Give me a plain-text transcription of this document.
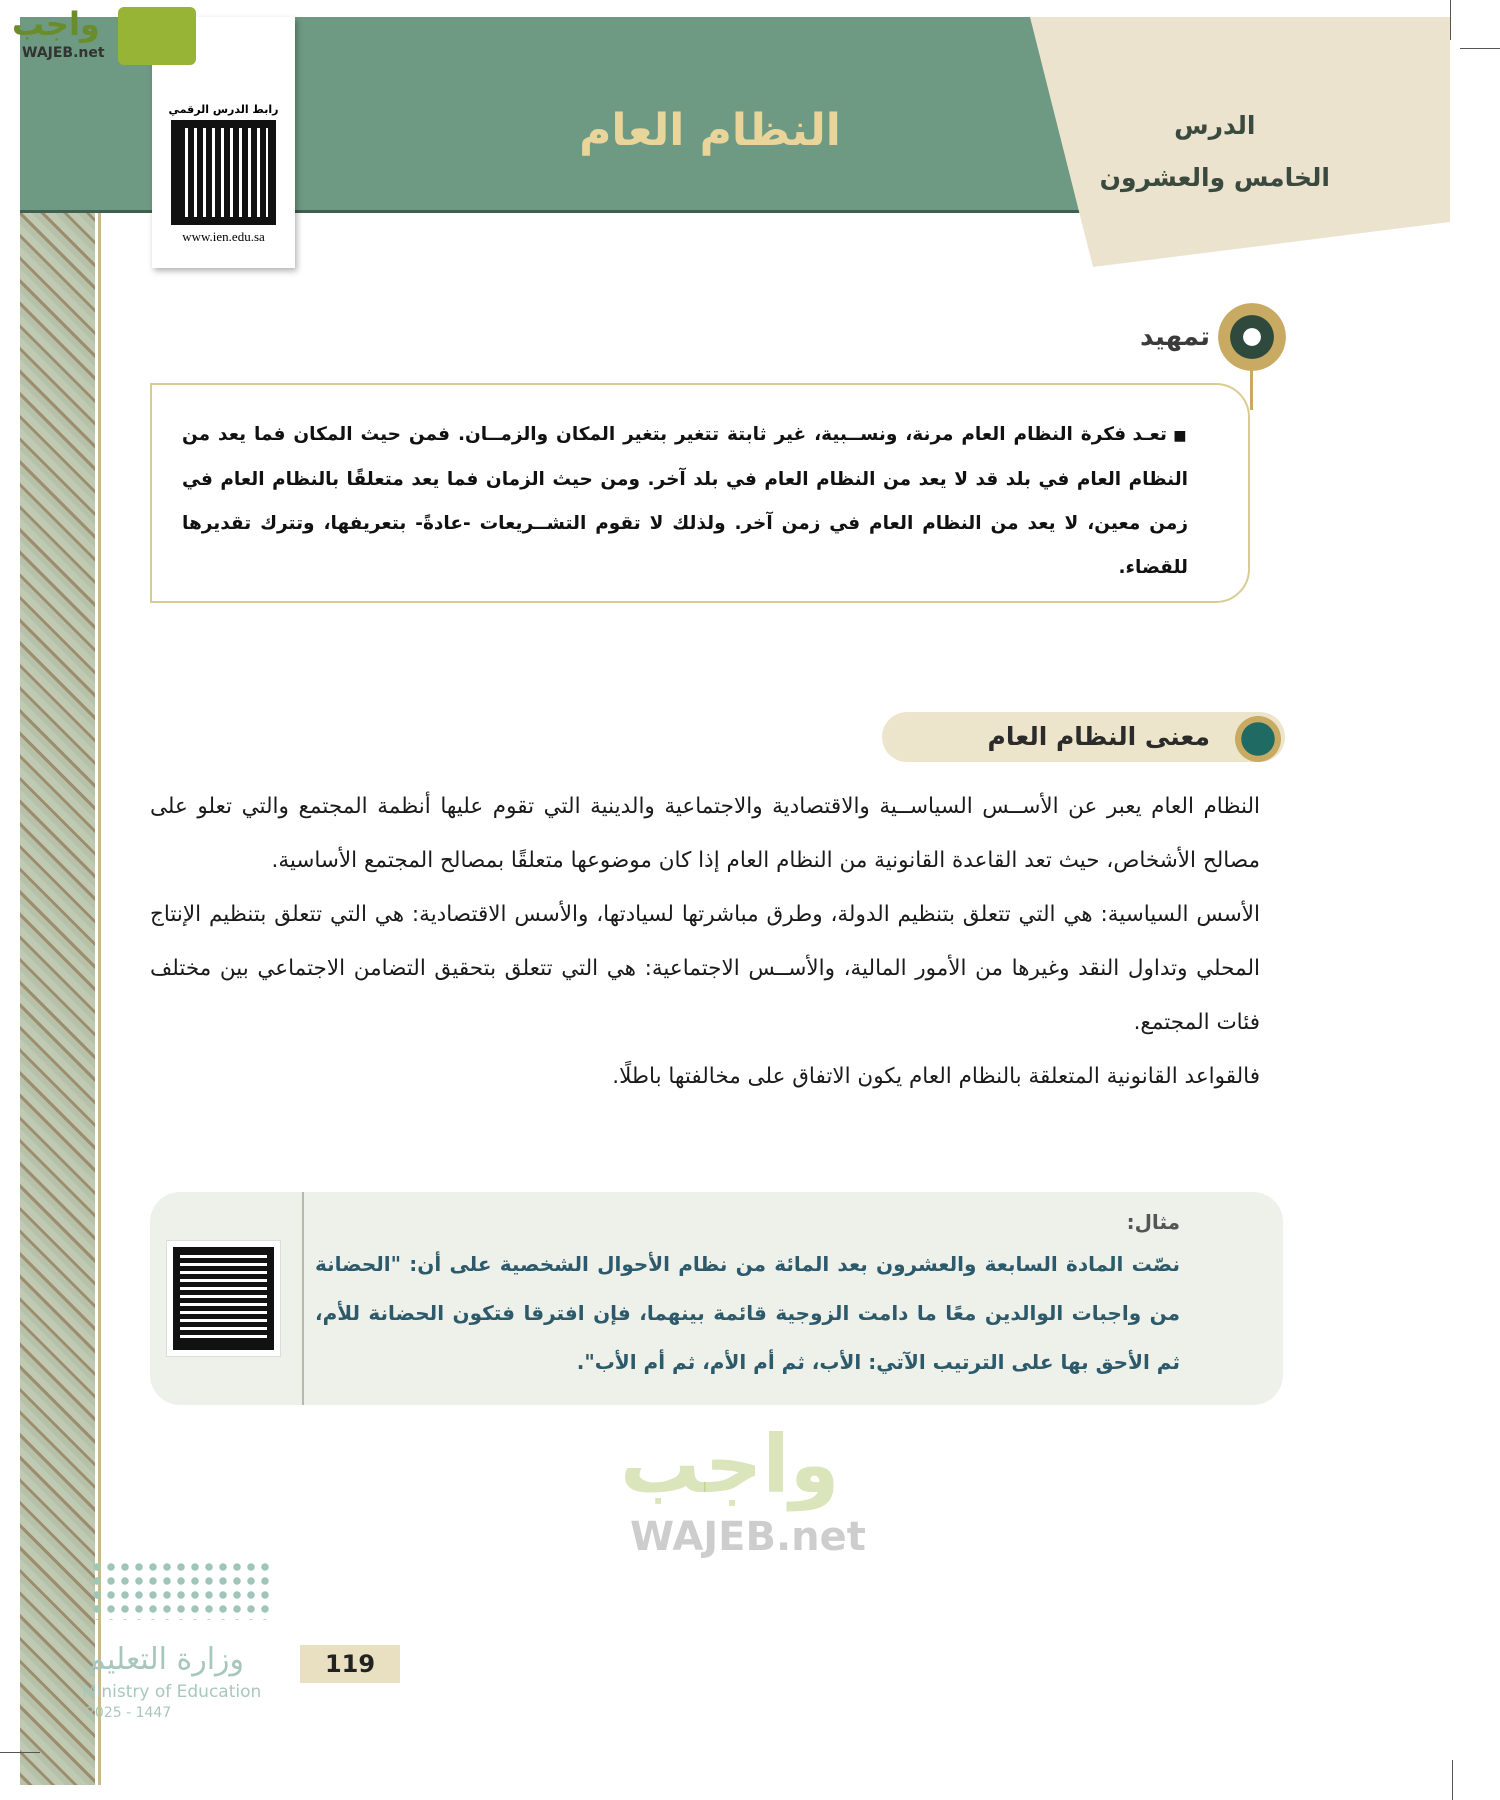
النظام العام	الدرس
الخامس والعشرون
رابط الدرس الرقمي
www.ien.edu.sa
واجب
WAJEB.net
تمهيد

■ تعـد فكرة النظام العام مرنة، ونســبية، غير ثابتة تتغير بتغير المكان والزمــان. فمن حيث المكان فما يعد من النظام العام في بلد قد لا يعد من النظام العام في بلد آخر. ومن حيث الزمان فما يعد متعلقًا بالنظام العام في زمن معين، لا يعد من النظام العام في زمن آخر. ولذلك لا تقوم التشــريعات -عادةً- بتعريفها، وتترك تقديرها للقضاء.

معنى النظام العام

النظام العام يعبر عن الأســس السياســية والاقتصادية والاجتماعية والدينية التي تقوم عليها أنظمة المجتمع والتي تعلو على مصالح الأشخاص، حيث تعد القاعدة القانونية من النظام العام إذا كان موضوعها متعلقًا بمصالح المجتمع الأساسية.

الأسس السياسية: هي التي تتعلق بتنظيم الدولة، وطرق مباشرتها لسيادتها، والأسس الاقتصادية: هي التي تتعلق بتنظيم الإنتاج المحلي وتداول النقد وغيرها من الأمور المالية، والأســس الاجتماعية: هي التي تتعلق بتحقيق التضامن الاجتماعي بين مختلف فئات المجتمع.

فالقواعد القانونية المتعلقة بالنظام العام يكون الاتفاق على مخالفتها باطلًا.

مثال:

نصّت المادة السابعة والعشرون بعد المائة من نظام الأحوال الشخصية على أن: "الحضانة من واجبات الوالدين معًا ما دامت الزوجية قائمة بينهما، فإن افترقا فتكون الحضانة للأم، ثم الأحق بها على الترتيب الآتي: الأب، ثم أم الأم، ثم أم الأب".

واجب
WAJEB.net
وزارة التعليم
Ministry of Education
2025 - 1447
119
